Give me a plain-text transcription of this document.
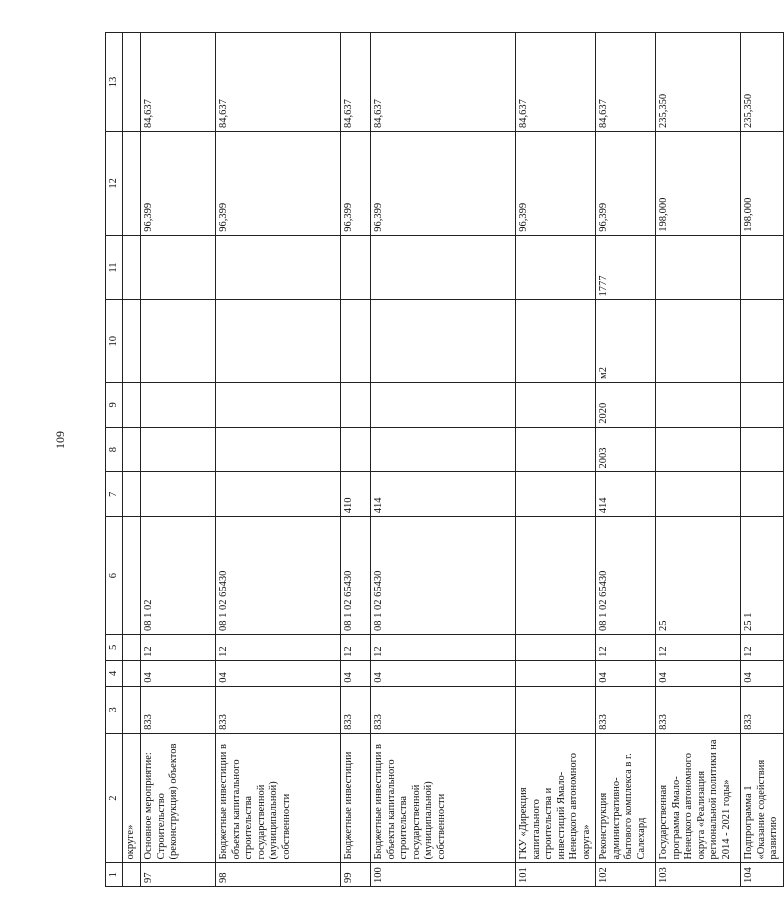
109
1	2	3	4	5	6	7	8	9	10	11	12	13
	округе»											
97	Основное мероприятие: Строительство (реконструкция) объектов	833	04	12	08 1 02						96,399	84,637
98	Бюджетные инвестиции в объекты капитального строительства государственной (муниципальной) собственности	833	04	12	08 1 02 65430						96,399	84,637
99	Бюджетные инвестиции	833	04	12	08 1 02 65430	410					96,399	84,637
100	Бюджетные инвестиции в объекты капитального строительства государственной (муниципальной) собственности	833	04	12	08 1 02 65430	414					96,399	84,637
101	ГКУ «Дирекция капитального строительства и инвестиций Ямало-Ненецкого автономного округа»										96,399	84,637
102	Реконструкция административно-бытового комплекса в г. Салехард	833	04	12	08 1 02 65430	414	2003	2020	м2	1777	96,399	84,637
103	Государственная программа Ямало-Ненецкого автономного округа «Реализация региональной политики на 2014 - 2021 годы»	833	04	12	25						198,000	235,350
104	Подпрограмма 1 «Оказание содействия развитию	833	04	12	25 1						198,000	235,350
